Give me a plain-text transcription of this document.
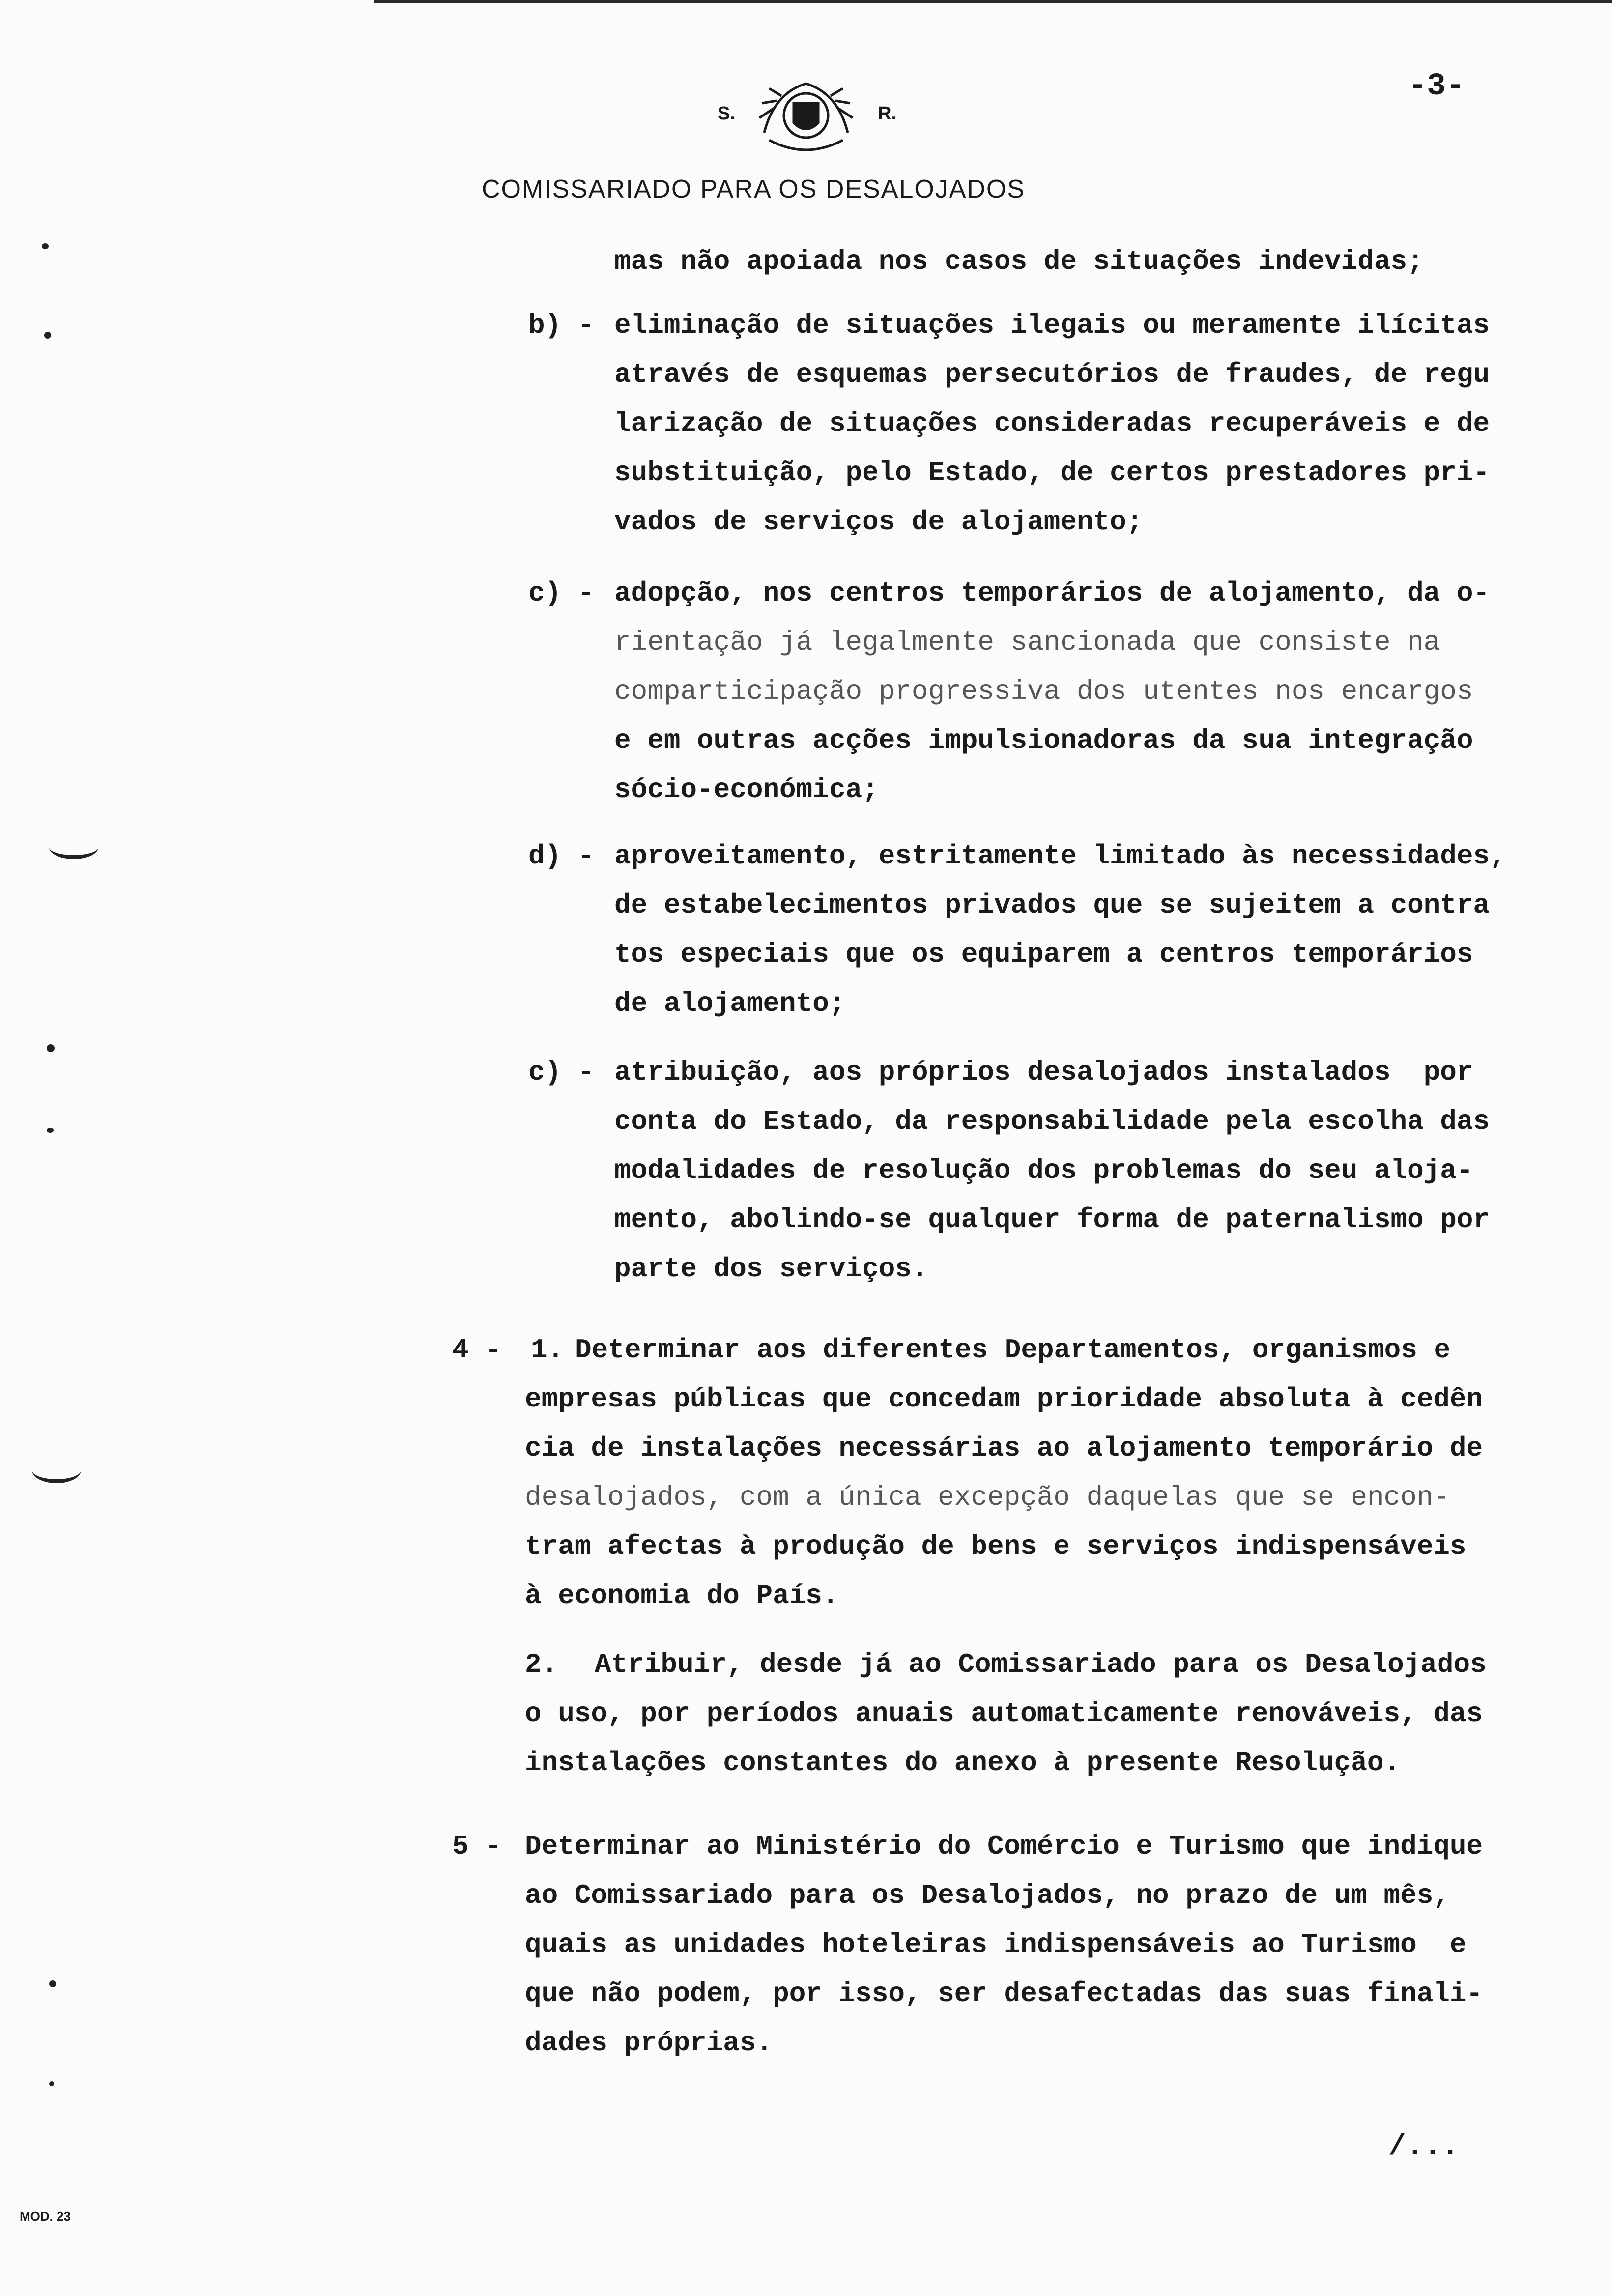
-3-
S.	R.
COMISSARIADO PARA OS DESALOJADOS
b) -
c) -
d) -
c) -
4 - 1.
2.
5 -
mas não apoiada nos casos de situações indevidas;
eliminação de situações ilegais ou meramente ilícitas
através de esquemas persecutórios de fraudes, de regu
larização de situações consideradas recuperáveis e de
substituição, pelo Estado, de certos prestadores pri-
vados de serviços de alojamento;
adopção, nos centros temporários de alojamento, da o-
rientação já legalmente sancionada que consiste na
comparticipação progressiva dos utentes nos encargos
e em outras acções impulsionadoras da sua integração
sócio-económica;
aproveitamento, estritamente limitado às necessidades,
de estabelecimentos privados que se sujeitem a contra
tos especiais que os equiparem a centros temporários
de alojamento;
atribuição, aos próprios desalojados instalados  por
conta do Estado, da responsabilidade pela escolha das
modalidades de resolução dos problemas do seu aloja-
mento, abolindo-se qualquer forma de paternalismo por
parte dos serviços.
Determinar aos diferentes Departamentos, organismos e
empresas públicas que concedam prioridade absoluta à cedên
cia de instalações necessárias ao alojamento temporário de
desalojados, com a única excepção daquelas que se encon-
tram afectas à produção de bens e serviços indispensáveis
à economia do País.
Atribuir, desde já ao Comissariado para os Desalojados
o uso, por períodos anuais automaticamente renováveis, das
instalações constantes do anexo à presente Resolução.
Determinar ao Ministério do Comércio e Turismo que indique
ao Comissariado para os Desalojados, no prazo de um mês,
quais as unidades hoteleiras indispensáveis ao Turismo  e
que não podem, por isso, ser desafectadas das suas finali-
dades próprias.
/...
MOD. 23
